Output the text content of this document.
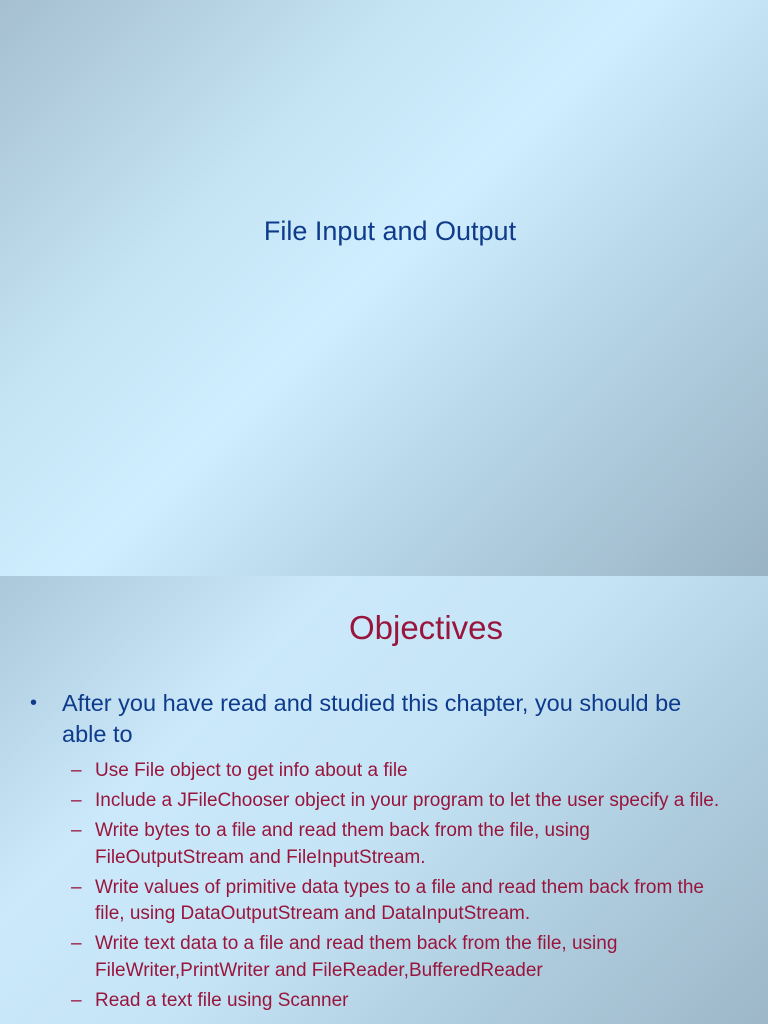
File Input and Output
Objectives
• After you have read and studied this chapter, you should be able to
– Use File object to get info about a file
– Include a JFileChooser object in your program to let the user specify a file.
– Write bytes to a file and read them back from the file, using FileOutputStream and FileInputStream.
– Write values of primitive data types to a file and read them back from the file, using DataOutputStream and DataInputStream.
– Write text data to a file and read them back from the file, using FileWriter,PrintWriter and FileReader,BufferedReader
– Read a text file using Scanner
